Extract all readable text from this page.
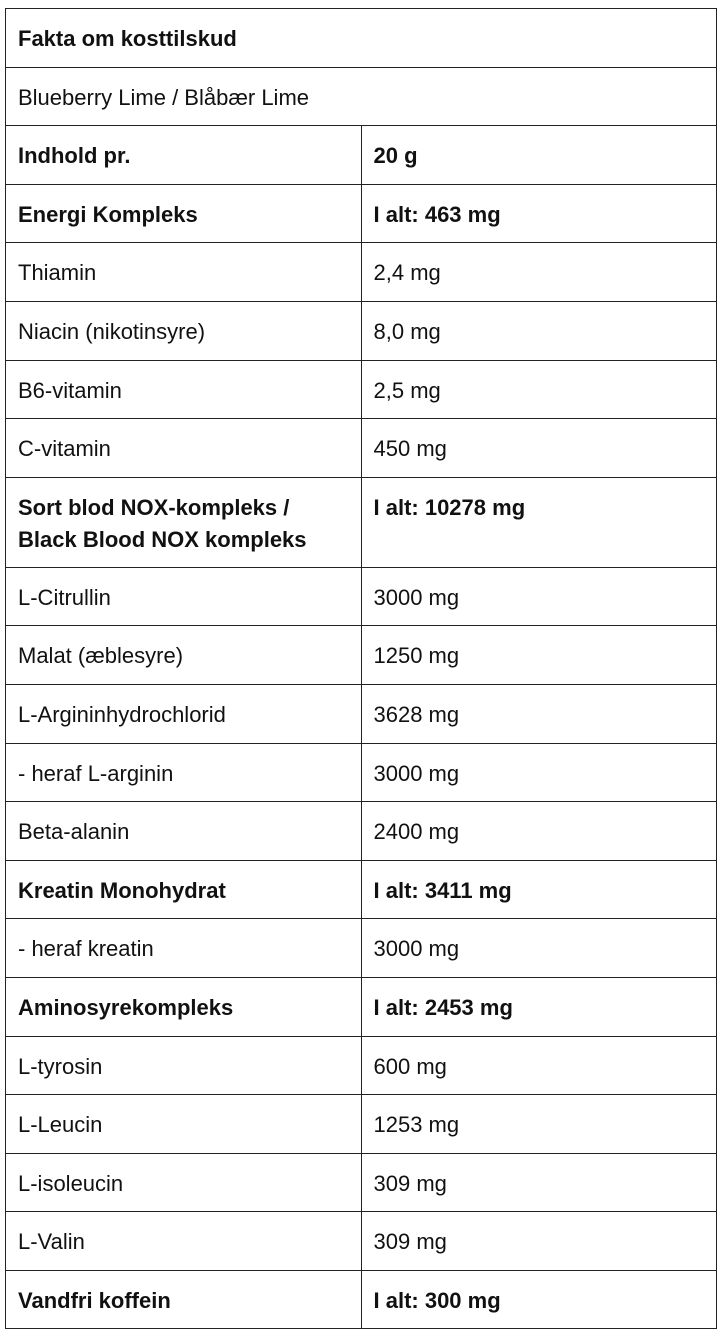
Fakta om kosttilskud	
Blueberry Lime / Blåbær Lime	
Indhold pr.	20 g
Energi Kompleks	I alt: 463 mg
Thiamin	2,4 mg
Niacin (nikotinsyre)	8,0 mg
B6-vitamin	2,5 mg
C-vitamin	450 mg
Sort blod NOX-kompleks / Black Blood NOX kompleks	I alt: 10278 mg
L-Citrullin	3000 mg
Malat (æblesyre)	1250 mg
L-Argininhydrochlorid	3628 mg
- heraf L-arginin	3000 mg
Beta-alanin	2400 mg
Kreatin Monohydrat	I alt: 3411 mg
- heraf kreatin	3000 mg
Aminosyrekompleks	I alt: 2453 mg
L-tyrosin	600 mg
L-Leucin	1253 mg
L-isoleucin	309 mg
L-Valin	309 mg
Vandfri koffein	I alt: 300 mg
